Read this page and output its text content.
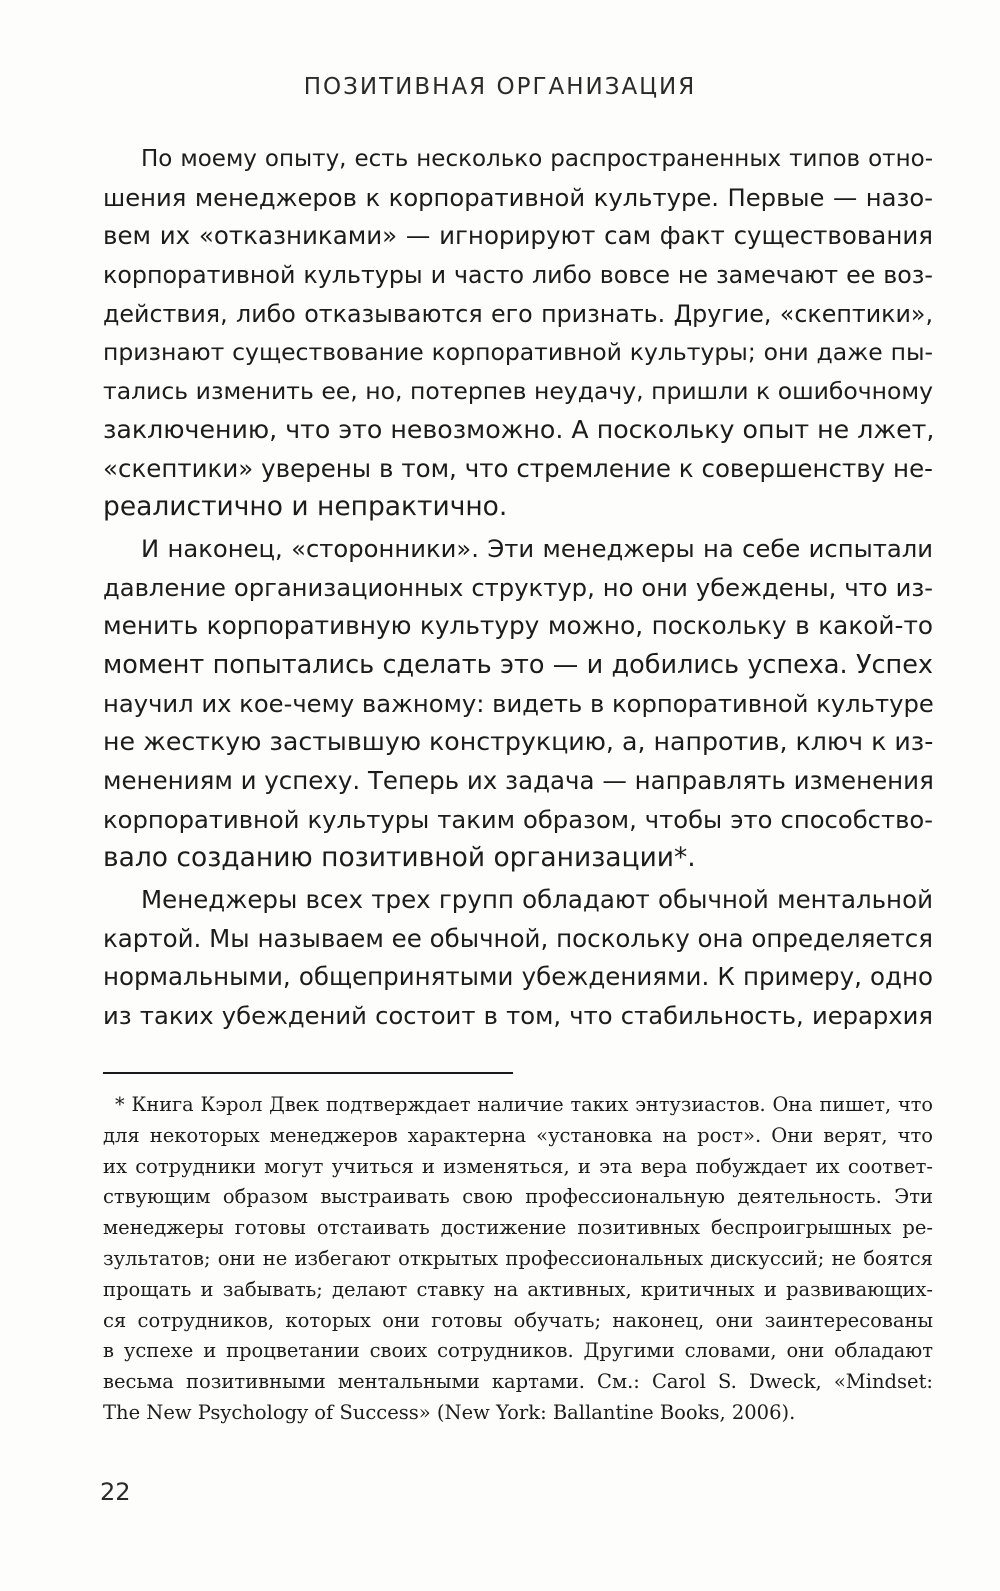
ПОЗИТИВНАЯ ОРГАНИЗАЦИЯ
По моему опыту, есть несколько распространенных типов отно-
шения менеджеров к корпоративной культуре. Первые — назо-
вем их «отказниками» — игнорируют сам факт существования
корпоративной культуры и часто либо вовсе не замечают ее воз-
действия, либо отказываются его признать. Другие, «скептики»,
признают существование корпоративной культуры; они даже пы-
тались изменить ее, но, потерпев неудачу, пришли к ошибочному
заключению, что это невозможно. А поскольку опыт не лжет,
«скептики» уверены в том, что стремление к совершенству не-
реалистично и непрактично.
И наконец, «сторонники». Эти менеджеры на себе испытали
давление организационных структур, но они убеждены, что из-
менить корпоративную культуру можно, поскольку в какой-то
момент попытались сделать это — и добились успеха. Успех
научил их кое-чему важному: видеть в корпоративной культуре
не жесткую застывшую конструкцию, а, напротив, ключ к из-
менениям и успеху. Теперь их задача — направлять изменения
корпоративной культуры таким образом, чтобы это способство-
вало созданию позитивной организации*.
Менеджеры всех трех групп обладают обычной ментальной
картой. Мы называем ее обычной, поскольку она определяется
нормальными, общепринятыми убеждениями. К примеру, одно
из таких убеждений состоит в том, что стабильность, иерархия
* Книга Кэрол Двек подтверждает наличие таких энтузиастов. Она пишет, что
для некоторых менеджеров характерна «установка на рост». Они верят, что
их сотрудники могут учиться и изменяться, и эта вера побуждает их соответ-
ствующим образом выстраивать свою профессиональную деятельность. Эти
менеджеры готовы отстаивать достижение позитивных беспроигрышных ре-
зультатов; они не избегают открытых профессиональных дискуссий; не боятся
прощать и забывать; делают ставку на активных, критичных и развивающих-
ся сотрудников, которых они готовы обучать; наконец, они заинтересованы
в успехе и процветании своих сотрудников. Другими словами, они обладают
весьма позитивными ментальными картами. См.: Carol S. Dweck, «Mindset:
The New Psychology of Success» (New York: Ballantine Books, 2006).
22
